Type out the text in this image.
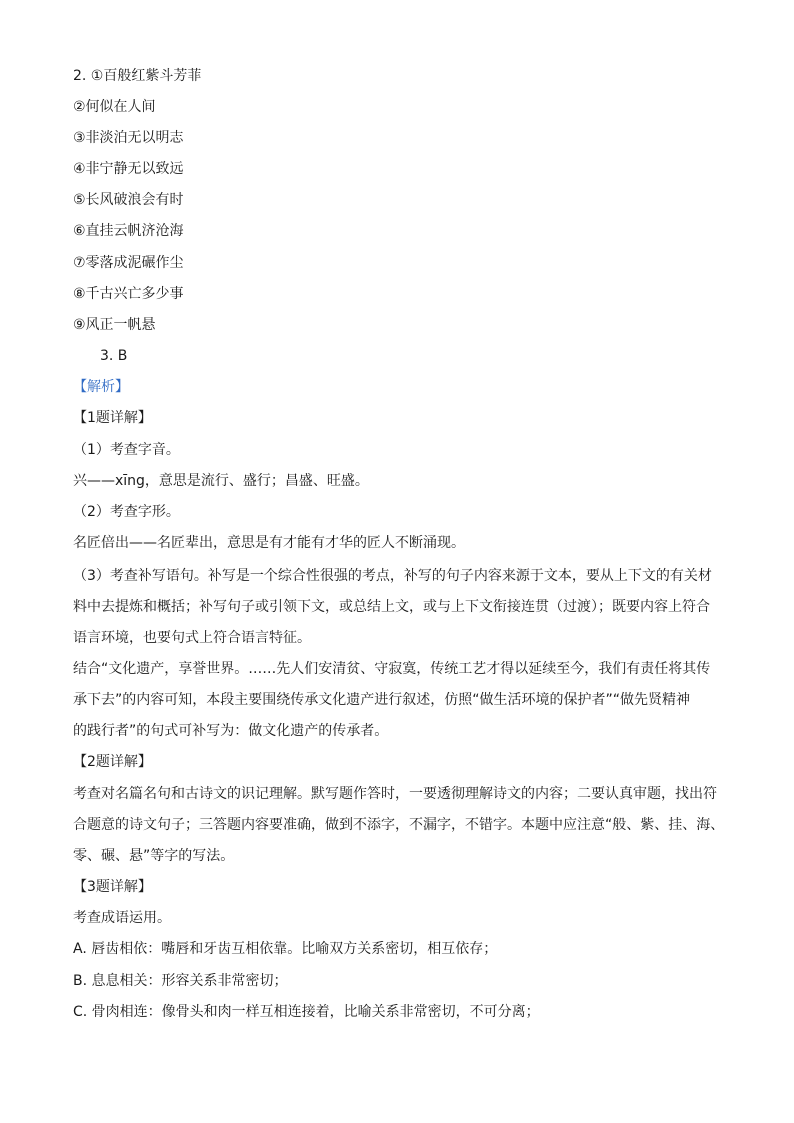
2. ①百般红紫斗芳菲
②何似在人间
③非淡泊无以明志
④非宁静无以致远
⑤长风破浪会有时
⑥直挂云帆济沧海
⑦零落成泥碾作尘
⑧千古兴亡多少事
⑨风正一帆悬
3. B
【解析】
【1题详解】
（1）考查字音。
兴——xīng，意思是流行、盛行；昌盛、旺盛。
（2）考查字形。
名匠倍出——名匠辈出，意思是有才能有才华的匠人不断涌现。
（3）考查补写语句。补写是一个综合性很强的考点，补写的句子内容来源于文本，要从上下文的有关材
料中去提炼和概括；补写句子或引领下文，或总结上文，或与上下文衔接连贯（过渡）；既要内容上符合
语言环境，也要句式上符合语言特征。
结合“文化遗产，享誉世界。……先人们安清贫、守寂寞，传统工艺才得以延续至今，我们有责任将其传
承下去”的内容可知，本段主要围绕传承文化遗产进行叙述，仿照“做生活环境的保护者”“做先贤精神
的践行者”的句式可补写为：做文化遗产的传承者。
【2题详解】
考查对名篇名句和古诗文的识记理解。默写题作答时，一要透彻理解诗文的内容；二要认真审题，找出符
合题意的诗文句子；三答题内容要准确，做到不添字，不漏字，不错字。本题中应注意“般、紫、挂、海、
零、碾、悬”等字的写法。
【3题详解】
考查成语运用。
A. 唇齿相依：嘴唇和牙齿互相依靠。比喻双方关系密切，相互依存；
B. 息息相关：形容关系非常密切；
C. 骨肉相连：像骨头和肉一样互相连接着，比喻关系非常密切，不可分离；
